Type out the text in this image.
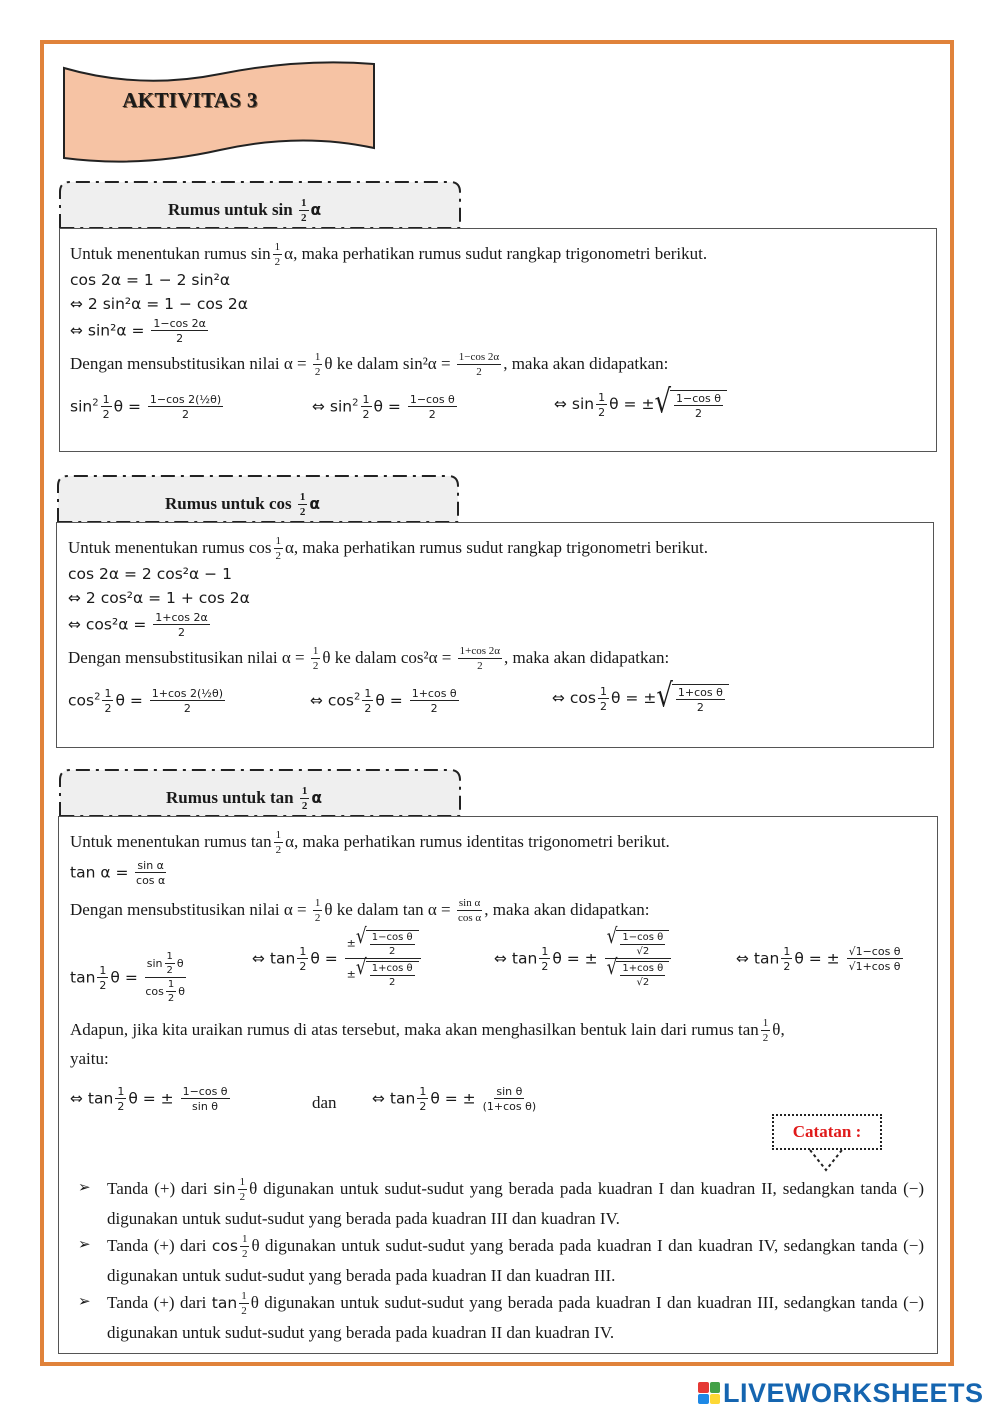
AKTIVITAS 3
Rumus untuk $\sin \frac{1}{2}$ α
Untuk menentukan rumus $\sin \frac{1}{2} \alpha$, maka perhatikan rumus sudut rangkap trigonometri berikut.
cos 2α = 1 − 2 sin²α
⇔ 2 sin²α = 1 − cos 2α
⇔ $\sin^2\alpha = \frac{1-\cos 2\alpha}{2}$
Dengan mensubstitusikan nilai $\alpha = \frac{1}{2}$ θ ke dalam $\sin^2\alpha = \frac{1-\cos 2\alpha}{2}$ , maka akan didapatkan:
$\sin^2 \frac{1}{2}$ $\theta = \frac{\text{1−cos 2(½θ)}}{2}$	⇔ $\sin^2 \frac{1}{2}$ $\theta = \frac{\text{1−cos θ}}{2}$	⇔ $\sin \frac{1}{2}$ θ = ± √ $\frac{\text{1−cos θ}}{2}$
Rumus untuk $\cos \frac{1}{2}$ α
Untuk menentukan rumus $\cos \frac{1}{2} \alpha$, maka perhatikan rumus sudut rangkap trigonometri berikut.
cos 2α = 2 cos²α − 1
⇔ 2 cos²α = 1 + cos 2α
⇔ $\cos^2\alpha = \frac{1+\cos 2\alpha}{2}$
Dengan mensubstitusikan nilai $\alpha = \frac{1}{2}$ θ ke dalam $\cos^2\alpha = \frac{1+\cos 2\alpha}{2}$ , maka akan didapatkan:
$\cos^2 \frac{1}{2}$ $\theta = \frac{\text{1+cos 2(½θ)}}{2}$	⇔ $\cos^2 \frac{1}{2}$ $\theta = \frac{\text{1+cos θ}}{2}$	⇔ $\cos \frac{1}{2}$ θ = ± √ $\frac{\text{1+cos θ}}{2}$
Rumus untuk $\tan \frac{1}{2}$ α
Untuk menentukan rumus $\tan \frac{1}{2} \alpha$, maka perhatikan rumus identitas trigonometri berikut.
$\tan \alpha = \frac{\text{sin α}}{\text{cos α}}$
Dengan mensubstitusikan nilai $\alpha = \frac{1}{2}$ θ ke dalam $\tan \alpha = \frac{\text{sin α}}{\text{cos α}}$ , maka akan didapatkan:
$\tan \frac{1}{2}$ $\theta = \frac{\sin \frac{1}{2} \theta}{\cos \frac{1}{2} \theta}$	⇔ $\tan \frac{1}{2}$ $\theta = \frac{\pm √ \frac{\text{1−cos θ}}{2}}{\pm √ \frac{\text{1+cos θ}}{2}}$	⇔ $\tan \frac{1}{2}$ θ = ± $\frac{√ \frac{\text{1−cos θ}}{√2}}{√ \frac{\text{1+cos θ}}{√2}}$	⇔ $\tan \frac{1}{2}$ θ = ± $\frac{\text{√1−cos θ}}{\text{√1+cos θ}}$
Adapun, jika kita uraikan rumus di atas tersebut, maka akan menghasilkan bentuk lain dari rumus $\tan \frac{1}{2} \theta$,
yaitu:
⇔ $\tan \frac{1}{2}$ θ = ± $\frac{\text{1−cos θ}}{\text{sin θ}}$	dan ⇔ $\tan \frac{1}{2}$ θ = ± $\frac{\text{sin θ}}{\text{(1+cos θ)}}$
Catatan :
➢ Tanda (+) dari $\sin \frac{1}{2}$ θ digunakan untuk sudut-sudut yang berada pada kuadran I dan kuadran II, sedangkan tanda (−) digunakan untuk sudut-sudut yang berada pada kuadran III dan kuadran IV.
➢ Tanda (+) dari $\cos \frac{1}{2}$ θ digunakan untuk sudut-sudut yang berada pada kuadran I dan kuadran IV, sedangkan tanda (−) digunakan untuk sudut-sudut yang berada pada kuadran II dan kuadran III.
➢ Tanda (+) dari $\tan \frac{1}{2}$ θ digunakan untuk sudut-sudut yang berada pada kuadran I dan kuadran III, sedangkan tanda (−) digunakan untuk sudut-sudut yang berada pada kuadran II dan kuadran IV.
LIVEWORKSHEETS
